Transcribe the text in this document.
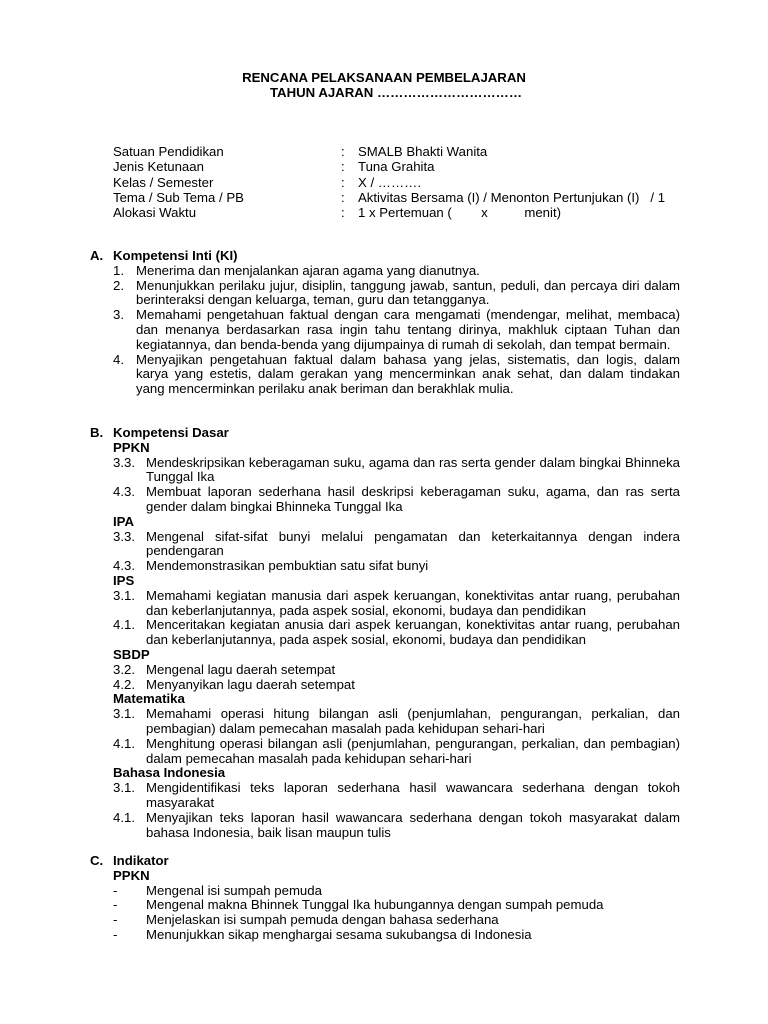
RENCANA PELAKSANAAN PEMBELAJARAN
TAHUN AJARAN ……………………………
Satuan Pendidikan	:	SMALB Bhakti Wanita
Jenis Ketunaan	:	Tuna Grahita
Kelas / Semester	:	X / ……….
Tema / Sub Tema / PB	:	Aktivitas Bersama (I) / Menonton Pertunjukan (I)   / 1
Alokasi Waktu	:	1 x Pertemuan (        x          menit)
A. Kompetensi Inti (KI)
1. Menerima dan menjalankan ajaran agama yang dianutnya.
2. Menunjukkan perilaku jujur, disiplin, tanggung jawab, santun, peduli, dan percaya diri dalam berinteraksi dengan keluarga, teman, guru dan tetangganya.
3. Memahami pengetahuan faktual dengan cara mengamati (mendengar, melihat, membaca) dan menanya berdasarkan rasa ingin tahu tentang dirinya, makhluk ciptaan Tuhan dan kegiatannya, dan benda-benda yang dijumpainya di rumah di sekolah, dan tempat bermain.
4. Menyajikan pengetahuan faktual dalam bahasa yang jelas, sistematis, dan logis, dalam karya yang estetis, dalam gerakan yang mencerminkan anak sehat, dan dalam tindakan yang mencerminkan perilaku anak beriman dan berakhlak mulia.
B. Kompetensi Dasar
PPKN
3.3. Mendeskripsikan keberagaman suku, agama dan ras serta gender dalam bingkai Bhinneka Tunggal Ika
4.3. Membuat laporan sederhana hasil deskripsi keberagaman suku, agama, dan ras serta gender dalam bingkai Bhinneka Tunggal Ika
IPA
3.3. Mengenal sifat-sifat bunyi melalui pengamatan dan keterkaitannya dengan indera pendengaran
4.3. Mendemonstrasikan pembuktian satu sifat bunyi
IPS
3.1. Memahami kegiatan manusia dari aspek keruangan, konektivitas antar ruang, perubahan dan keberlanjutannya, pada aspek sosial, ekonomi, budaya dan pendidikan
4.1. Menceritakan kegiatan anusia dari aspek keruangan, konektivitas antar ruang, perubahan dan keberlanjutannya, pada aspek sosial, ekonomi, budaya dan pendidikan
SBDP
3.2. Mengenal lagu daerah setempat
4.2. Menyanyikan lagu daerah setempat
Matematika
3.1. Memahami operasi hitung bilangan asli (penjumlahan, pengurangan, perkalian, dan pembagian) dalam pemecahan masalah pada kehidupan sehari-hari
4.1. Menghitung operasi bilangan asli (penjumlahan, pengurangan, perkalian, dan pembagian) dalam pemecahan masalah pada kehidupan sehari-hari
Bahasa Indonesia
3.1. Mengidentifikasi teks laporan sederhana hasil wawancara sederhana dengan tokoh masyarakat
4.1. Menyajikan teks laporan hasil wawancara sederhana dengan tokoh masyarakat dalam bahasa Indonesia, baik lisan maupun tulis
C. Indikator
PPKN
-	Mengenal isi sumpah pemuda
-	Mengenal makna Bhinnek Tunggal Ika hubungannya dengan sumpah pemuda
-	Menjelaskan isi sumpah pemuda dengan bahasa sederhana
-	Menunjukkan sikap menghargai sesama sukubangsa di Indonesia
